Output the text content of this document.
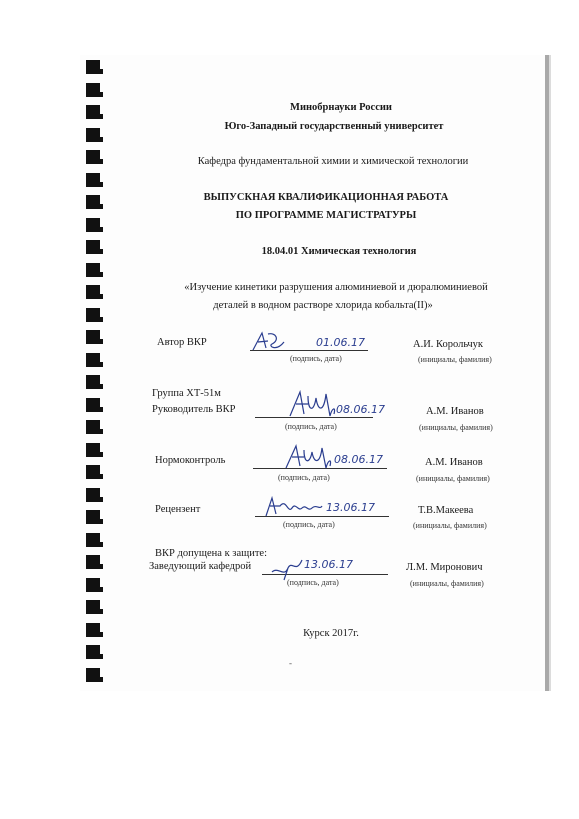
Минобрнауки России
Юго-Западный государственный университет
Кафедра фундаментальной химии и химической технологии
ВЫПУСКНАЯ КВАЛИФИКАЦИОННАЯ РАБОТА
ПО ПРОГРАММЕ МАГИСТРАТУРЫ
18.04.01 Химическая технология
«Изучение кинетики разрушения алюминиевой и дюралюминиевой
деталей в водном растворе хлорида кобальта(II)»
Автор ВКР	01.06.17
(подпись, дата)
А.И. Корольчук
(инициалы, фамилия)
Группа ХТ-51м
Руководитель ВКР	08.06.17
(подпись, дата)
А.М. Иванов
(инициалы, фамилия)
Нормоконтроль	08.06.17
(подпись, дата)
А.М. Иванов
(инициалы, фамилия)
Рецензент	13.06.17
(подпись, дата)
Т.В.Макеева
(инициалы, фамилия)
ВКР допущена к защите:
Заведующий кафедрой	13.06.17
(подпись, дата)
Л.М. Миронович
(инициалы, фамилия)
Курск 2017г.
-
